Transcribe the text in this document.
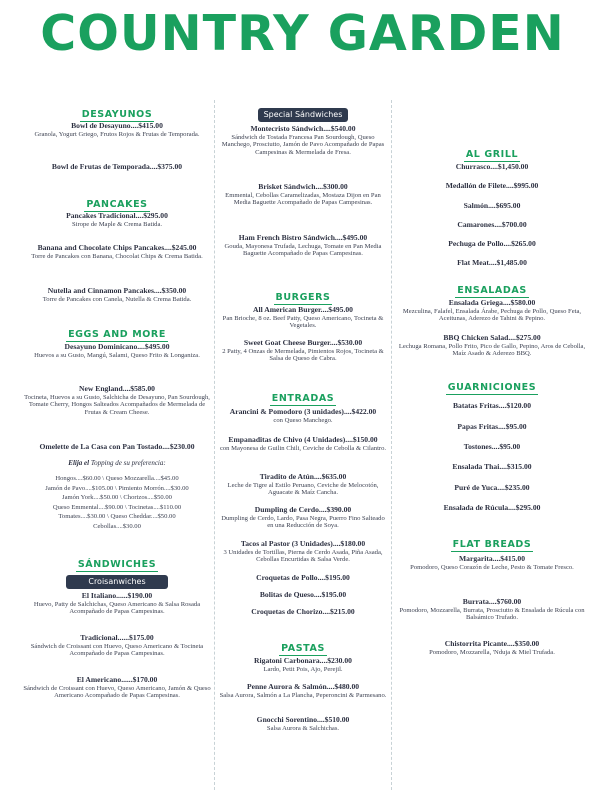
COUNTRY GARDEN
DESAYUNOS
Bowl de Desayuno....$415.00
Granola, Yogurt Griego, Frutos Rojos & Frutas de Temporada.
Bowl de Frutas de Temporada....$375.00
PANCAKES
Pancakes Tradicional....$295.00
Sirope de Maple & Crema Batida.
Banana and Chocolate Chips Pancakes....$245.00
Torre de Pancakes con Banana, Chocolat Chips & Crema Batida.
Nutella and Cinnamon Pancakes....$350.00
Torre de Pancakes con Canela, Nutella & Crema Batida.
EGGS AND MORE
Desayuno Dominicano....$495.00
Huevos a su Gusto, Mangú, Salami, Queso Frito & Longaniza.
New England....$585.00
Tocineta, Huevos a su Gusto, Salchicha de Desayuno, Pan Sourdough, Tomate Cherry, Hongos Salteados Acompañados de Mermelada de Frutas & Cream Cheese.
Omelette de La Casa con Pan Tostado....$230.00
Elija el Topping de su preferencia:
Hongos....$60.00 \ Queso Mozzarella....$45.00
Jamón de Pavo....$105.00 \ Pimiento Morrón....$30.00
Jamón York....$50.00 \ Chorizos....$50.00
Queso Emmental....$90.00 \ Tocinetas....$110.00
Tomates....$30.00 \ Queso Cheddar....$50.00
Cebollas....$30.00
SÁNDWICHES
Croisanwiches
El Italiano......$190.00
Huevo, Patty de Salchichas, Queso Americano & Salsa Rosada Acompañado de Papas Campesinas.
Tradicional......$175.00
Sándwich de Croissant con Huevo, Queso Americano & Tocineta Acompañado de Papas Campesinas.
El Americano......$170.00
Sándwich de Croissant con Huevo, Queso Americano, Jamón & Queso Americano Acompañado de Papas Campesinas.
Special Sándwiches
Montecristo Sándwich....$540.00
Sándwich de Tostada Francesa Pan Sourdough, Queso Manchego, Prosciutto, Jamón de Pavo Acompañado de Papas Campesinas & Mermelada de Fresa.
Brisket Sándwich....$300.00
Emmental, Cebollas Caramelizadas, Mostaza Dijon en Pan Media Baguette Acompañado de Papas Campesinas.
Ham French Bistro Sándwich....$495.00
Gouda, Mayonesa Trufada, Lechuga, Tomate en Pan Media Baguette Acompañado de Papas Campesinas.
BURGERS
All American Burger....$495.00
Pan Brioche, 8 oz. Beef Patty, Queso Americano, Tocineta & Vegetales.
Sweet Goat Cheese Burger....$530.00
2 Patty, 4 Onzas de Mermelada, Pimientos Rojos, Tocineta & Salsa de Queso de Cabra.
ENTRADAS
Arancini & Pomodoro (3 unidades)....$422.00
con Queso Manchego.
Empanaditas de Chivo (4 Unidades)....$150.00
con Mayonesa de Guilin Chili, Ceviche de Cebolla & Cilantro.
Tiradito de Atún....$635.00
Leche de Tigre al Estilo Peruano, Ceviche de Melocotón, Aguacate & Maíz Cancha.
Dumpling de Cerdo....$390.00
Dumpling de Cerdo, Lardo, Pasa Negra, Puerro Fino Salteado en una Reducción de Soya.
Tacos al Pastor (3 Unidades)....$180.00
3 Unidades de Tortillas, Pierna de Cerdo Asada, Piña Asada, Cebollas Encurtidas & Salsa Verde.
Croquetas de Pollo....$195.00
Bolitas de Queso....$195.00
Croquetas de Chorizo....$215.00
PASTAS
Rigatoni Carbonara....$230.00
Lardo, Petit Pois, Ajo, Perejil.
Penne Aurora & Salmón....$480.00
Salsa Aurora, Salmón a La Plancha, Peperoncini & Parmesano.
Gnocchi Sorentino....$510.00
Salsa Aurora & Salchichas.
AL GRILL
Churrasco....$1,450.00
Medallón de Filete....$995.00
Salmón....$695.00
Camarones....$700.00
Pechuga de Pollo....$265.00
Flat Meat....$1,485.00
ENSALADAS
Ensalada Griega....$580.00
Mezculina, Falafel, Ensalada Árabe, Pechuga de Pollo, Queso Feta, Aceitunas, Aderezo de Tahini & Pepino.
BBQ Chicken Salad....$275.00
Lechuga Romana, Pollo Frito, Pico de Gallo, Pepino, Aros de Cebolla, Maíz Asado & Aderezo BBQ.
GUARNICIONES
Batatas Fritas....$120.00
Papas Fritas....$95.00
Tostones....$95.00
Ensalada Thai....$315.00
Puré de Yuca....$235.00
Ensalada de Rúcula....$295.00
FLAT BREADS
Margarita....$415.00
Pomodoro, Queso Corazón de Leche, Pesto & Tomate Fresco.
Burrata....$760.00
Pomodoro, Mozzarella, Burrata, Prosciutto & Ensalada de Rúcula con Balsámico Trufado.
Chistorrita Picante....$350.00
Pomodoro, Mozzarella, 'Nduja & Miel Trufada.
